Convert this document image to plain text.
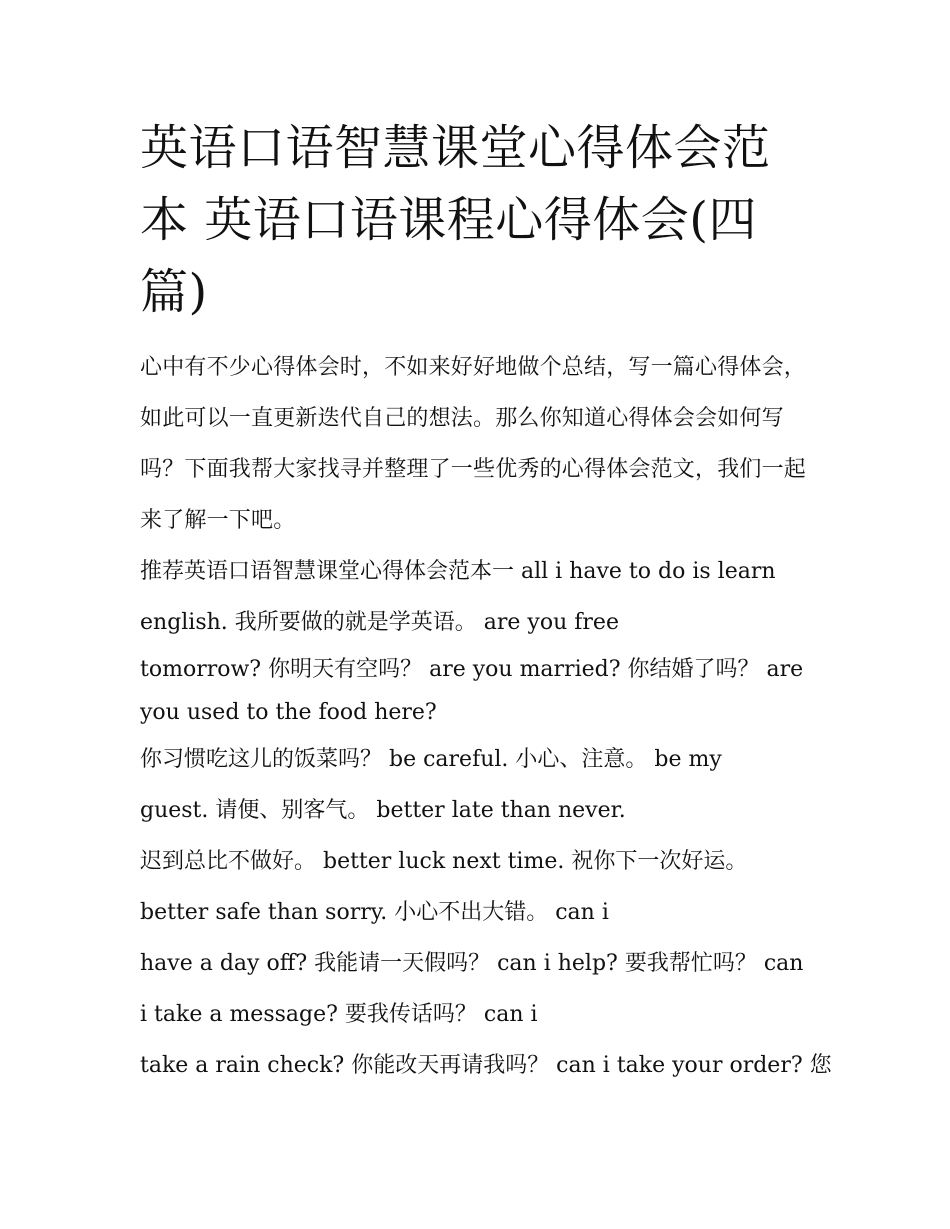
英语口语智慧课堂心得体会范本 英语口语课程心得体会(四篇)

心中有不少心得体会时，不如来好好地做个总结，写一篇心得体会，如此可以一直更新迭代自己的想法。那么你知道心得体会会如何写吗？下面我帮大家找寻并整理了一些优秀的心得体会范文，我们一起来了解一下吧。

推荐英语口语智慧课堂心得体会范本一 all i have to do is learn

english. 我所要做的就是学英语。 are you free

tomorrow? 你明天有空吗？ are you married? 你结婚了吗？ are

you used to the food here?

你习惯吃这儿的饭菜吗？ be careful. 小心、注意。 be my

guest. 请便、别客气。 better late than never.

迟到总比不做好。 better luck next time. 祝你下一次好运。

better safe than sorry. 小心不出大错。 can i

have a day off? 我能请一天假吗？ can i help? 要我帮忙吗？ can

i take a message? 要我传话吗？ can i

take a rain check? 你能改天再请我吗？ can i take your order? 您
